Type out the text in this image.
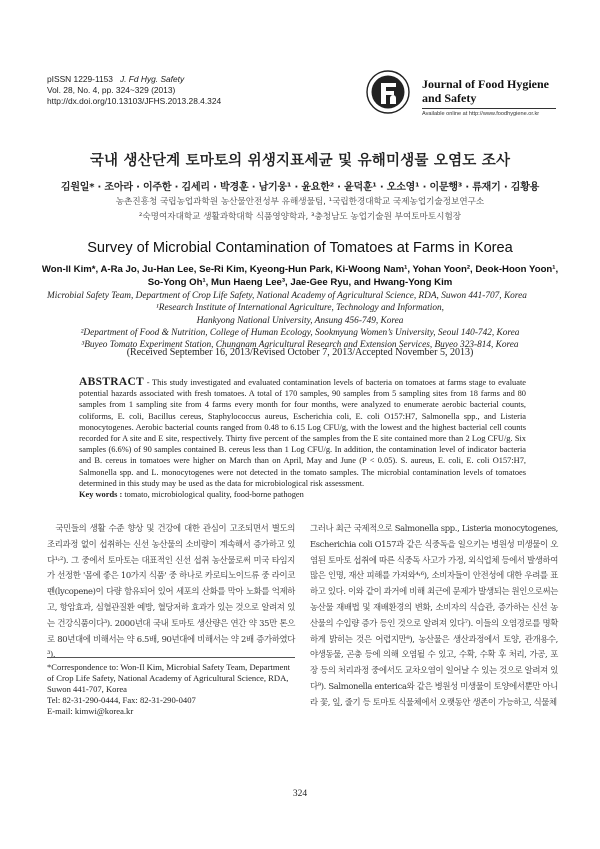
pISSN 1229-1153 J. Fd Hyg. Safety
Vol. 28, No. 4, pp. 324~329 (2013)
http://dx.doi.org/10.13103/JFHS.2013.28.4.324
Journal of Food Hygiene
and Safety
Available online at http://www.foodhygiene.or.kr
국내 생산단계 토마토의 위생지표세균 및 유해미생물 오염도 조사
김원일* · 조아라 · 이주한 · 김세리 · 박경훈 · 남기웅¹ · 윤요한² · 윤덕훈¹ · 오소영¹ · 이문행³ · 류재기 · 김황용
농촌진흥청 국립농업과학원 농산물안전성부 유해생물팀, ¹국립한경대학교 국제농업기술정보연구소
²숙명여자대학교 생활과학대학 식품영양학과, ³충청남도 농업기술원 부여토마토시험장
Survey of Microbial Contamination of Tomatoes at Farms in Korea
Won-Il Kim*, A-Ra Jo, Ju-Han Lee, Se-Ri Kim, Kyeong-Hun Park, Ki-Woong Nam¹, Yohan Yoon², Deok-Hoon Yoon¹,
So-Yong Oh¹, Mun Haeng Lee³, Jae-Gee Ryu, and Hwang-Yong Kim
Microbial Safety Team, Department of Crop Life Safety, National Academy of Agricultural Science, RDA, Suwon 441-707, Korea
¹Research Institute of International Agriculture, Technology and Information,
Hankyong National University, Ansung 456-749, Korea
²Department of Food & Nutrition, College of Human Ecology, Sookmyung Women’s University, Seoul 140-742, Korea
³Buyeo Tomato Experiment Station, Chungnam Agricultural Research and Extension Services, Buyeo 323-814, Korea
(Received September 16, 2013/Revised October 7, 2013/Accepted November 5, 2013)
ABSTRACT - This study investigated and evaluated contamination levels of bacteria on tomatoes at farms stage to evaluate potential hazards associated with fresh tomatoes. A total of 170 samples, 90 samples from 5 sampling sites from 18 farms and 80 samples from 1 sampling site from 4 farms every month for four months, were analyzed to enumerate aerobic bacterial counts, coliforms, E. coli, Bacillus cereus, Staphylococcus aureus, Escherichia coli, E. coli O157:H7, Salmonella spp., and Listeria monocytogenes. Aerobic bacterial counts ranged from 0.48 to 6.15 Log CFU/g, with the lowest and the highest bacterial cell counts recorded for A site and E site, respectively. Thirty five percent of the samples from the E site contained more than 2 Log CFU/g. Six samples (6.6%) of 90 samples contained B. cereus less than 1 Log CFU/g. In addition, the contamination level of indicator bacteria and B. cereus in tomatoes were higher on March than on April, May and June (P < 0.05). S. aureus, E. coli, E. coli O157:H7, Salmonella spp. and L. monocytogenes were not detected in the tomato samples. The microbial contamination levels of tomatoes determined in this study may be used as the data for microbiological risk assessment.
Key words : tomato, microbiological quality, food-borne pathogen

국민들의 생활 수준 향상 및 건강에 대한 관심이 고조되면서 별도의 조리과정 없이 섭취하는 신선 농산물의 소비량이 계속해서 증가하고 있다¹˒²). 그 중에서 토마토는 대표적인 신선 섭취 농산물로써 미국 타임지가 선정한 '몸에 좋은 10가지 식품' 중 하나로 카로티노이드류 중 라이코펜(lycopene)이 다량 함유되어 있어 세포의 산화를 막아 노화를 억제하고, 항암효과, 심혈관질환 예방, 혈당저하 효과가 있는 것으로 알려져 있는 건강식품이다³). 2000년대 국내 토마토 생산량은 연간 약 35만 톤으로 80년대에 비해서는 약 6.5배, 90년대에 비해서는 약 2배 증가하였다³).

그러나 최근 국제적으로 Salmonella spp., Listeria monocytogenes, Escherichia coli O157과 같은 식중독을 일으키는 병원성 미생물이 오염된 토마토 섭취에 따른 식중독 사고가 가정, 외식업체 등에서 발생하여 많은 인명, 재산 피해를 가져와⁴˒⁶), 소비자들이 안전성에 대한 우려를 표하고 있다. 이와 같이 과거에 비해 최근에 문제가 발생되는 원인으로써는 농산물 재배법 및 재배환경의 변화, 소비자의 식습관, 증가하는 신선 농산물의 수입량 증가 등인 것으로 알려져 있다⁷). 이들의 오염경로를 명확하게 밝히는 것은 어렵지만⁸), 농산물은 생산과정에서 토양, 관개용수, 야생동물, 곤충 등에 의해 오염될 수 있고, 수확, 수확 후 처리, 가공, 포장 등의 처리과정 중에서도 교차오염이 일어날 수 있는 것으로 알려져 있다⁹). Salmonella enterica와 같은 병원성 미생물이 토양에서뿐만 아니라 꽃, 잎, 줄기 등 토마토 식물체에서 오랫동안 생존이 가능하고, 식물체

*Correspondence to: Won-Il Kim, Microbial Safety Team, Department of Crop Life Safety, National Academy of Agricultural Science, RDA, Suwon 441-707, Korea
Tel: 82-31-290-0444, Fax: 82-31-290-0407
E-mail: kimwi@korea.kr
324
